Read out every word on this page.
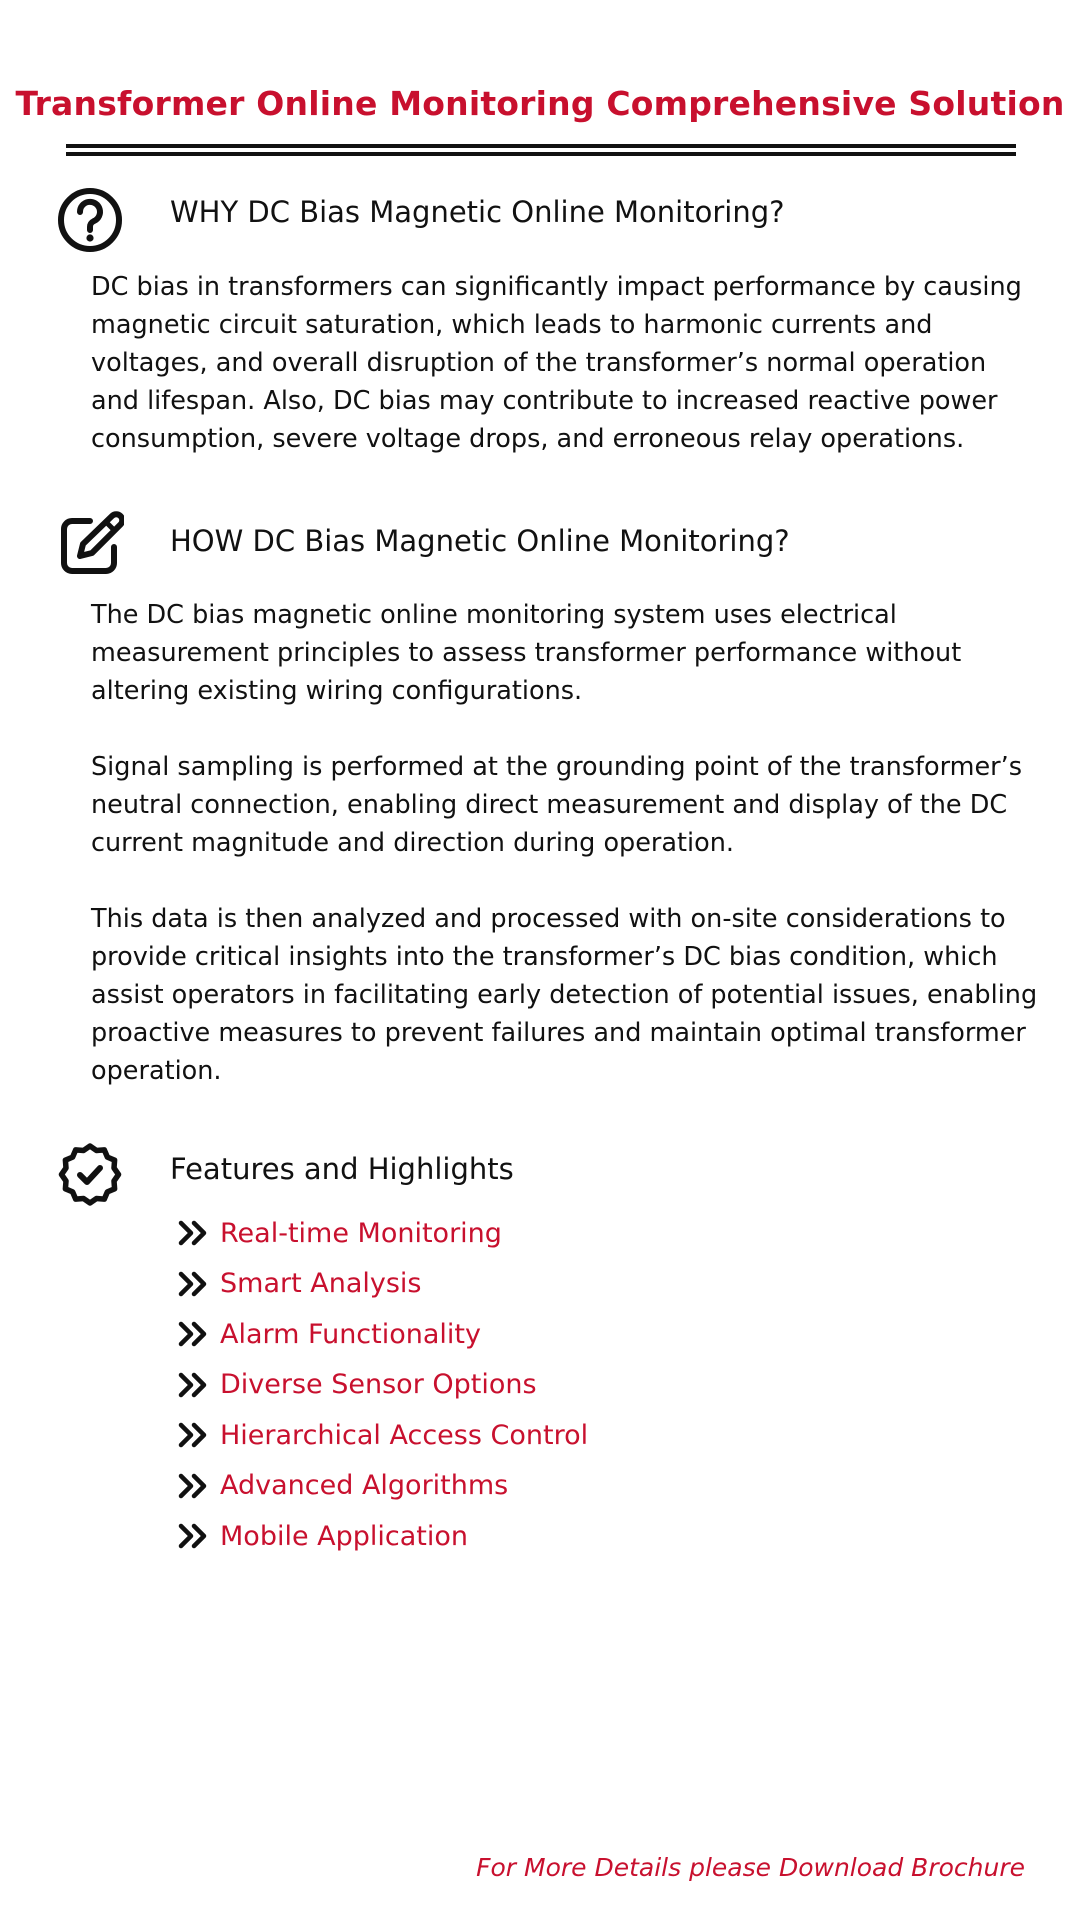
Transformer Online Monitoring Comprehensive Solution
WHY DC Bias Magnetic Online Monitoring?

DC bias in transformers can significantly impact performance by causing
magnetic circuit saturation, which leads to harmonic currents and
voltages, and overall disruption of the transformer’s normal operation
and lifespan. Also, DC bias may contribute to increased reactive power
consumption, severe voltage drops, and erroneous relay operations.

HOW DC Bias Magnetic Online Monitoring?

The DC bias magnetic online monitoring system uses electrical
measurement principles to assess transformer performance without
altering existing wiring configurations.

Signal sampling is performed at the grounding point of the transformer’s
neutral connection, enabling direct measurement and display of the DC
current magnitude and direction during operation.

This data is then analyzed and processed with on-site considerations to
provide critical insights into the transformer’s DC bias condition, which
assist operators in facilitating early detection of potential issues, enabling
proactive measures to prevent failures and maintain optimal transformer
operation.

Features and Highlights
Real-time Monitoring
Smart Analysis
Alarm Functionality
Diverse Sensor Options
Hierarchical Access Control
Advanced Algorithms
Mobile Application
For More Details please Download Brochure
